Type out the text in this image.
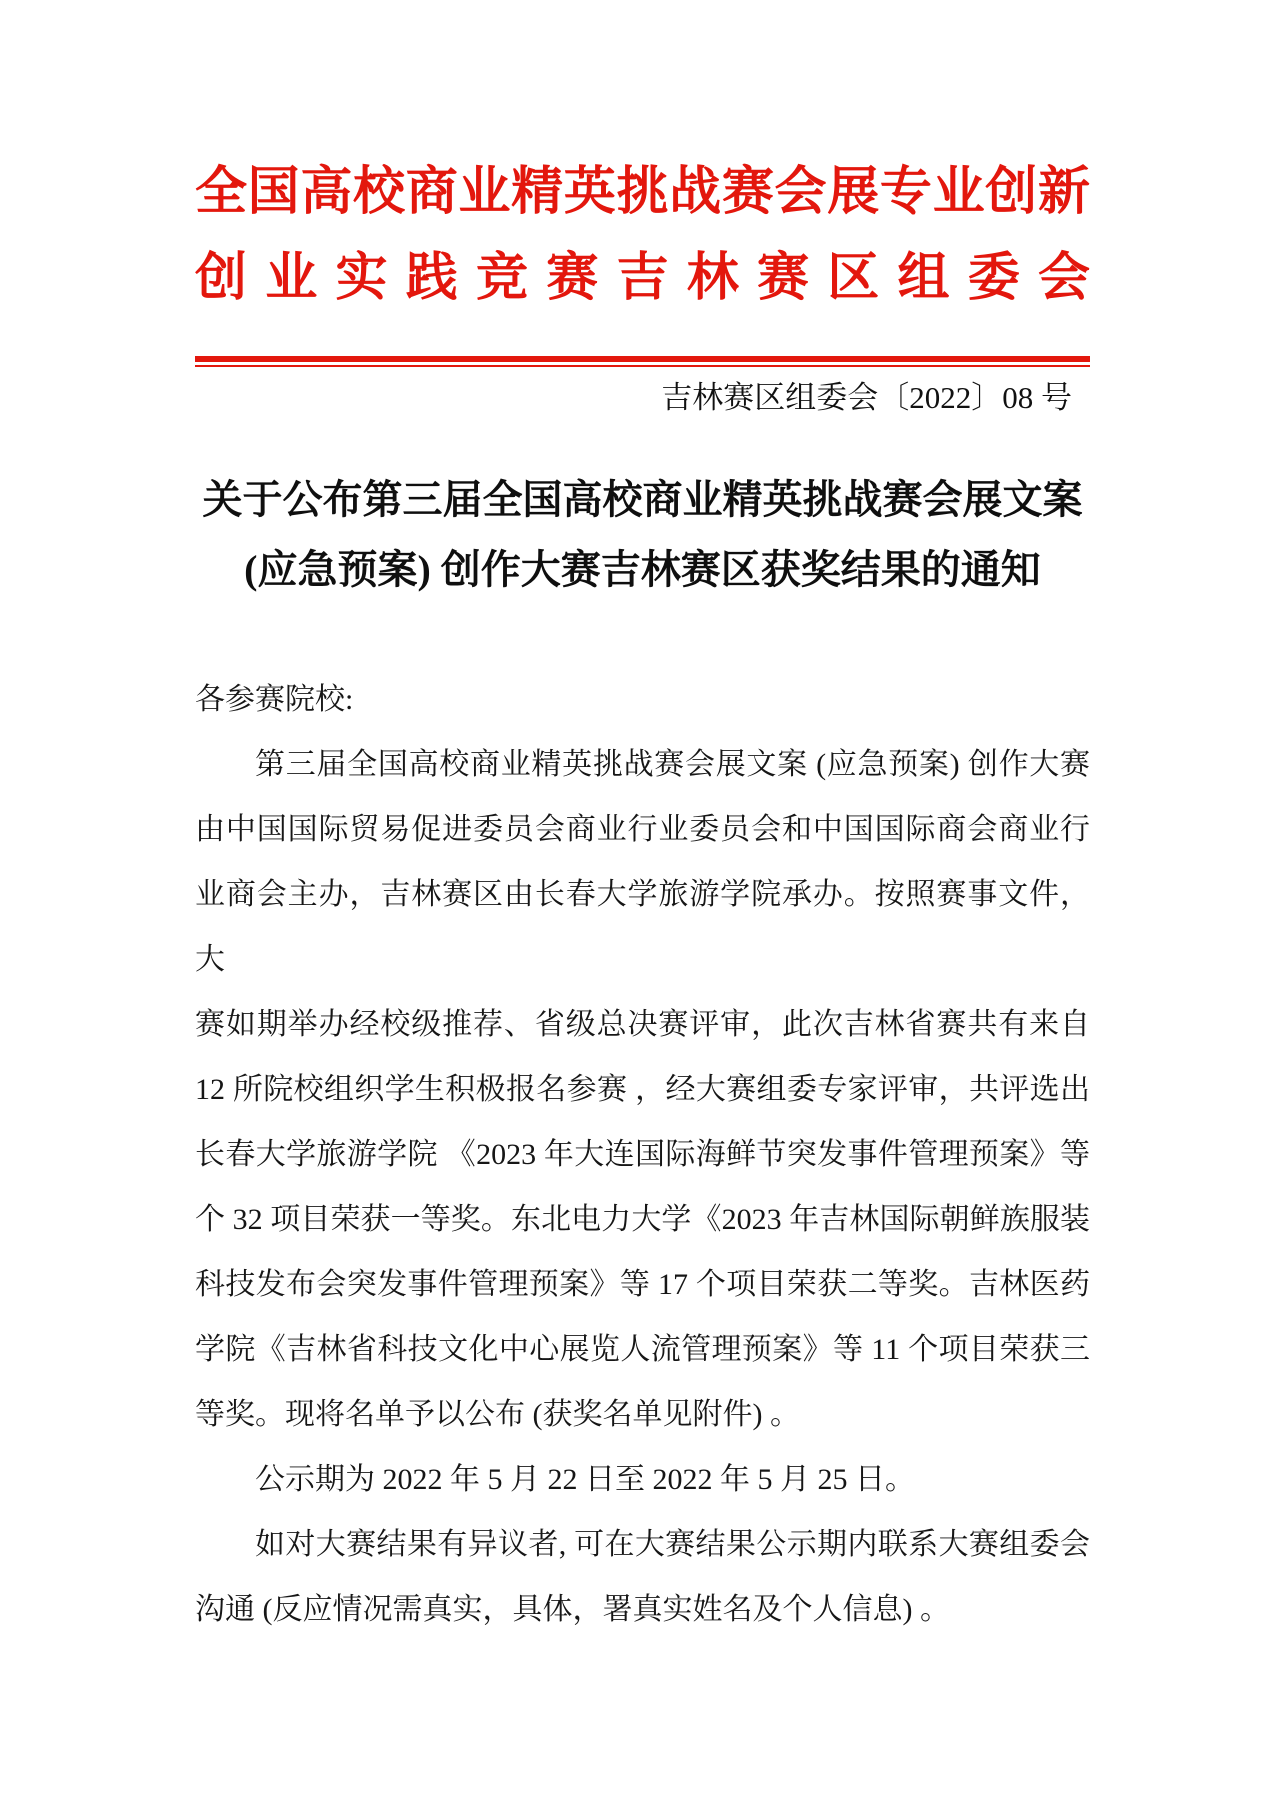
全国高校商业精英挑战赛会展专业创新
创业实践竞赛吉林赛区组委会
吉林赛区组委会〔2022〕08 号
关于公布第三届全国高校商业精英挑战赛会展文案
(应急预案) 创作大赛吉林赛区获奖结果的通知
各参赛院校:
第三届全国高校商业精英挑战赛会展文案 (应急预案) 创作大赛
由中国国际贸易促进委员会商业行业委员会和中国国际商会商业行
业商会主办，吉林赛区由长春大学旅游学院承办。按照赛事文件，大
赛如期举办经校级推荐、省级总决赛评审，此次吉林省赛共有来自
12 所院校组织学生积极报名参赛 ，经大赛组委专家评审，共评选出
长春大学旅游学院 《2023 年大连国际海鲜节突发事件管理预案》等
个 32 项目荣获一等奖。东北电力大学《2023 年吉林国际朝鲜族服装
科技发布会突发事件管理预案》等 17 个项目荣获二等奖。吉林医药
学院《吉林省科技文化中心展览人流管理预案》等 11 个项目荣获三
等奖。现将名单予以公布 (获奖名单见附件) 。
公示期为 2022 年 5 月 22 日至 2022 年 5 月 25 日。
如对大赛结果有异议者, 可在大赛结果公示期内联系大赛组委会
沟通 (反应情况需真实，具体，署真实姓名及个人信息) 。
